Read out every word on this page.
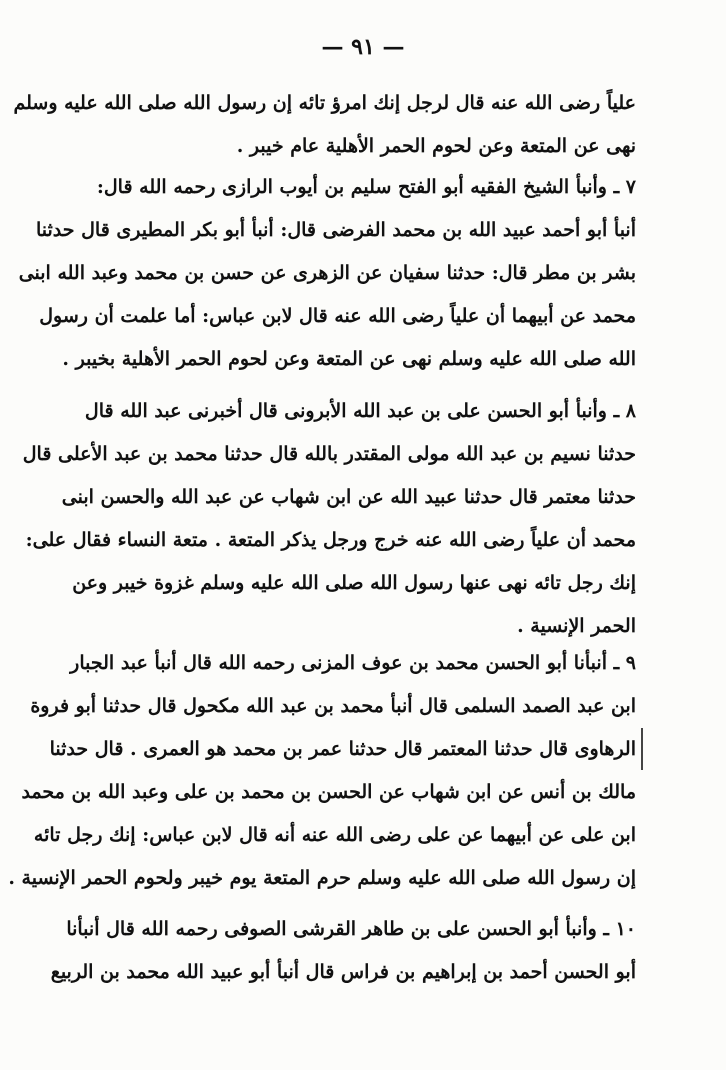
— ٩١ —
علياً رضى الله عنه قال لرجل إنك امرؤ تائه إن رسول الله صلى الله عليه وسلم
نهى عن المتعة وعن لحوم الحمر الأهلية عام خيبر .
٧ ـ وأنبأ الشيخ الفقيه أبو الفتح سليم بن أيوب الرازى رحمه الله قال:
أنبأ أبو أحمد عبيد الله بن محمد الفرضى قال: أنبأ أبو بكر المطيرى قال حدثنا
بشر بن مطر قال: حدثنا سفيان عن الزهرى عن حسن بن محمد وعبد الله ابنى
محمد عن أبيهما أن علياً رضى الله عنه قال لابن عباس: أما علمت أن رسول
الله صلى الله عليه وسلم نهى عن المتعة وعن لحوم الحمر الأهلية بخيبر .
٨ ـ وأنبأ أبو الحسن على بن عبد الله الأبرونى قال أخبرنى عبد الله قال
حدثنا نسيم بن عبد الله مولى المقتدر بالله قال حدثنا محمد بن عبد الأعلى قال
حدثنا معتمر قال حدثنا عبيد الله عن ابن شهاب عن عبد الله والحسن ابنى
محمد أن علياً رضى الله عنه خرج ورجل يذكر المتعة . متعة النساء فقال على:
إنك رجل تائه نهى عنها رسول الله صلى الله عليه وسلم غزوة خيبر وعن
الحمر الإنسية .
٩ ـ أنبأنا أبو الحسن محمد بن عوف المزنى رحمه الله قال أنبأ عبد الجبار
ابن عبد الصمد السلمى قال أنبأ محمد بن عبد الله مكحول قال حدثنا أبو فروة
الرهاوى قال حدثنا المعتمر قال حدثنا عمر بن محمد هو العمرى . قال حدثنا
مالك بن أنس عن ابن شهاب عن الحسن بن محمد بن على وعبد الله بن محمد
ابن على عن أبيهما عن على رضى الله عنه أنه قال لابن عباس: إنك رجل تائه
إن رسول الله صلى الله عليه وسلم حرم المتعة يوم خيبر ولحوم الحمر الإنسية .
١٠ ـ وأنبأ أبو الحسن على بن طاهر القرشى الصوفى رحمه الله قال أنبأنا
أبو الحسن أحمد بن إبراهيم بن فراس قال أنبأ أبو عبيد الله محمد بن الربيع
